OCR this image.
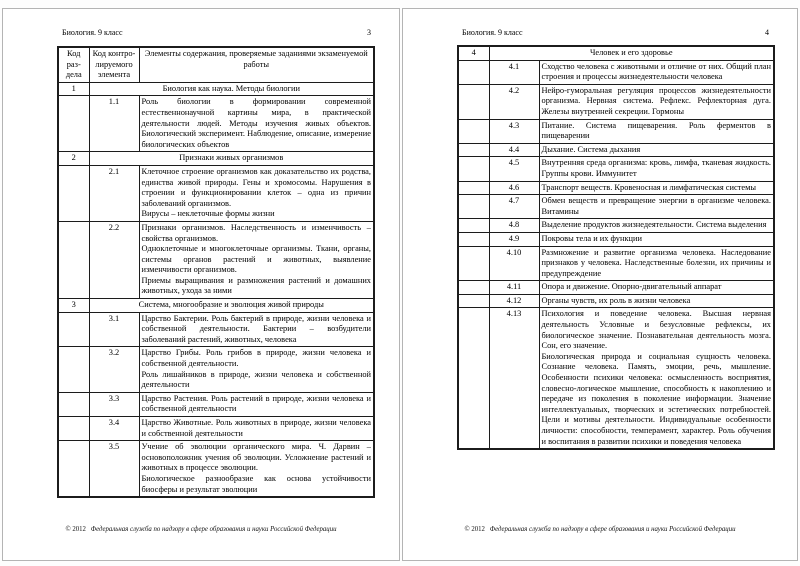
Биология. 9 класс	3
Код раз-дела	Код контро-лируемого элемента	Элементы содержания, проверяемые заданиями экзаменуемой работы
1	Биология как наука. Методы биологии	
	1.1	Роль биологии в формировании современной естественнонаучной картины мира, в практической деятельности людей. Методы изучения живых объектов. Биологический эксперимент. Наблюдение, описание, измерение биологических объектов

2	Признаки живых организмов	
	2.1	Клеточное строение организмов как доказательство их родства, единства живой природы. Гены и хромосомы. Нарушения в строении и функционировании клеток – одна из причин заболеваний организмов.
Вирусы – неклеточные формы жизни

	2.2	Признаки организмов. Наследственность и изменчивость – свойства организмов.
Одноклеточные и многоклеточные организмы. Ткани, органы, системы органов растений и животных, выявление изменчивости организмов.
Приемы выращивания и размножения растений и домашних животных, ухода за ними

3	Система, многообразие и эволюция живой природы	
	3.1	Царство Бактерии. Роль бактерий в природе, жизни человека и собственной деятельности. Бактерии – возбудители заболеваний растений, животных, человека

	3.2	Царство Грибы. Роль грибов в природе, жизни человека и собственной деятельности.
Роль лишайников в природе, жизни человека и собственной деятельности

	3.3	Царство Растения. Роль растений в природе, жизни человека и собственной деятельности

	3.4	Царство Животные. Роль животных в природе, жизни человека и собственной деятельности

	3.5	Учение об эволюции органического мира. Ч. Дарвин – основоположник учения об эволюции. Усложнение растений и животных в процессе эволюции.
Биологическое разнообразие как основа устойчивости биосферы и результат эволюции
© 2012 Федеральная служба по надзору в сфере образования и науки Российской Федерации
Биология. 9 класс	4
4	Человек и его здоровье	
	4.1	Сходство человека с животными и отличие от них. Общий план строения и процессы жизнедеятельности человека

	4.2	Нейро-гуморальная регуляция процессов жизнедеятельности организма. Нервная система. Рефлекс. Рефлекторная дуга. Железы внутренней секреции. Гормоны

	4.3	Питание. Система пищеварения. Роль ферментов в пищеварении

	4.4	Дыхание. Система дыхания

	4.5	Внутренняя среда организма: кровь, лимфа, тканевая жидкость. Группы крови. Иммунитет

	4.6	Транспорт веществ. Кровеносная и лимфатическая системы

	4.7	Обмен веществ и превращение энергии в организме человека. Витамины

	4.8	Выделение продуктов жизнедеятельности. Система выделения

	4.9	Покровы тела и их функции

	4.10	Размножение и развитие организма человека. Наследование признаков у человека. Наследственные болезни, их причины и предупреждение

	4.11	Опора и движение. Опорно-двигательный аппарат

	4.12	Органы чувств, их роль в жизни человека

	4.13	Психология и поведение человека. Высшая нервная деятельность Условные и безусловные рефлексы, их биологическое значение. Познавательная деятельность мозга. Сон, его значение.
Биологическая природа и социальная сущность человека. Сознание человека. Память, эмоции, речь, мышление. Особенности психики человека: осмысленность восприятия, словесно-логическое мышление, способность к накоплению и передаче из поколения в поколение информации. Значение интеллектуальных, творческих и эстетических потребностей. Цели и мотивы деятельности. Индивидуальные особенности личности: способности, темперамент, характер. Роль обучения и воспитания в развитии психики и поведения человека
© 2012 Федеральная служба по надзору в сфере образования и науки Российской Федерации
